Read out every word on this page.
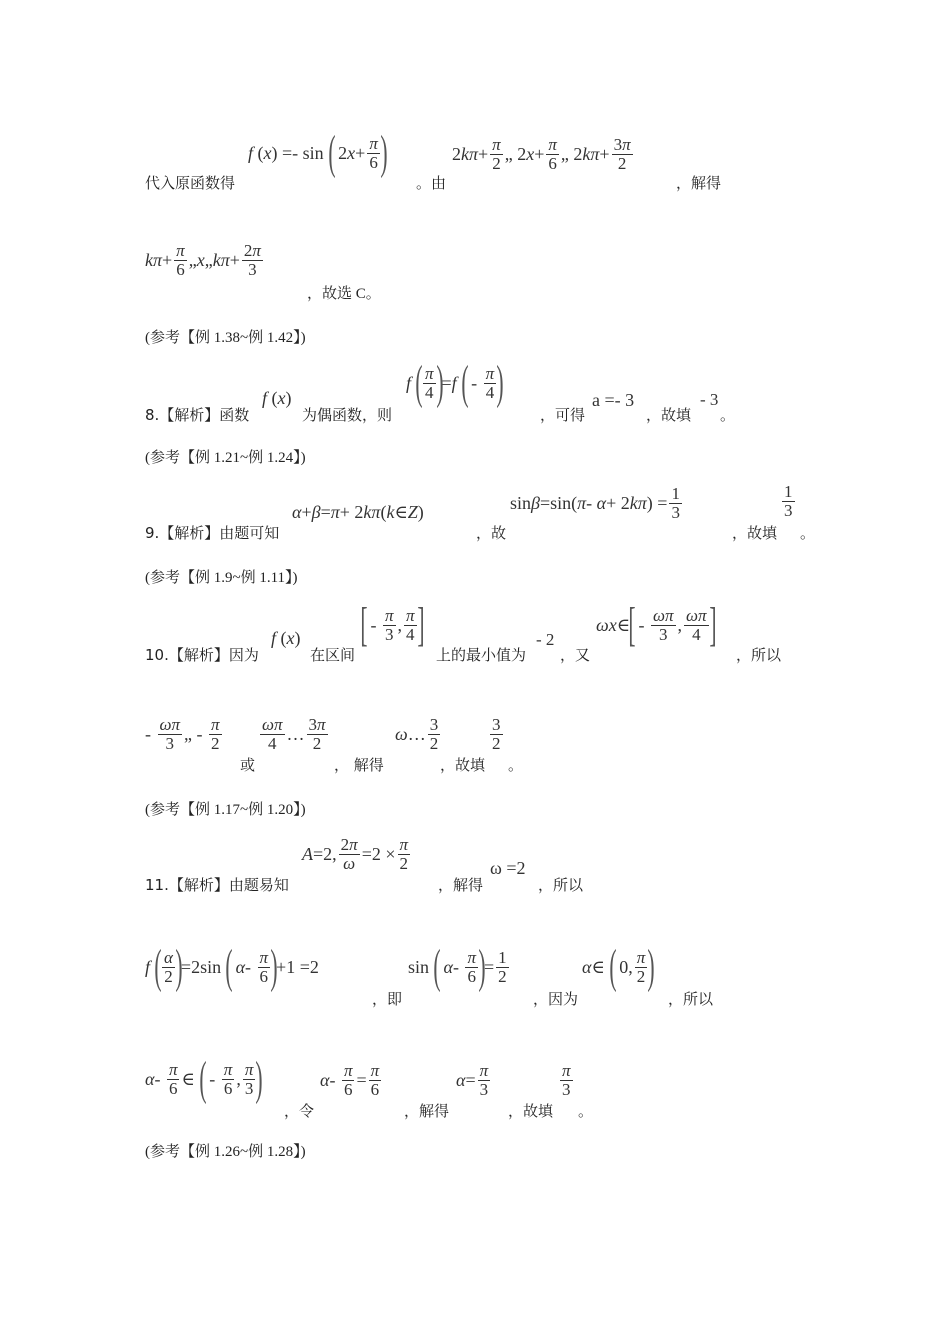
f ( x ) =- sin (
2 $x + \frac{\pi}{6}$ )
代入原函数得	。由
2 $k\pi + \frac{\pi}{2}$ „ 2 $x + \frac{\pi}{6}$ „ 2 $k\pi + \frac{3\pi}{2}$
，解得
$k\pi + \frac{\pi}{6}$ „ x „ $k\pi + \frac{2\pi}{3}$
，故选 C。
(参考【例 1.38~例 1.42】)
8.【解析】函数
f ( x )
为偶函数，则
f ( $\frac{\pi}{4}$ )
= f (
- $\frac{\pi}{4}$ )
，可得
a =- 3
，故填
- 3
。
(参考【例 1.21~例 1.24】)
9.【解析】由题可知
α + β = π + 2 kπ ( k ∈ Z )
，故
sin β =sin( π - α + 2 kπ ) = $\frac{1}{3}$
，故填
$\frac{1}{3}$
。
(参考【例 1.9~例 1.11】)
10.【解析】因为
f ( x )
在区间
[
- $\frac{\pi}{3}$ , $\frac{\pi}{4}$ ]
上的最小值为
- 2
，又
ωx ∈
[
- $\frac{\omega\pi}{3}$ , $\frac{\omega\pi}{4}$ ]
，所以
- $\frac{\omega\pi}{3}$ „ - $\frac{\pi}{2}$
或
$\frac{\omega\pi}{4}$ … $\frac{3\pi}{2}$
， 解得
ω … $\frac{3}{2}$
，故填
$\frac{3}{2}$
。
(参考【例 1.17~例 1.20】)
11.【解析】由题易知
A =2, $\frac{2\pi}{\omega} =2 \times \frac{\pi}{2}$
，解得
ω =2
，所以
f ( $\frac{\alpha}{2}$ )
=2sin (
α - $\frac{\pi}{6}$ )
+1 =2
，即
sin (
α - $\frac{\pi}{6}$ )
= $\frac{1}{2}$
，因为
α ∈ (
0, $\frac{\pi}{2}$ )
，所以
α - $\frac{\pi}{6}$ ∈ (
- $\frac{\pi}{6}$ , $\frac{\pi}{3}$ )
，令
$\alpha - \frac{\pi}{6} = \frac{\pi}{6}$
，解得
$\alpha = \frac{\pi}{3}$
，故填
$\frac{\pi}{3}$
。
(参考【例 1.26~例 1.28】)
